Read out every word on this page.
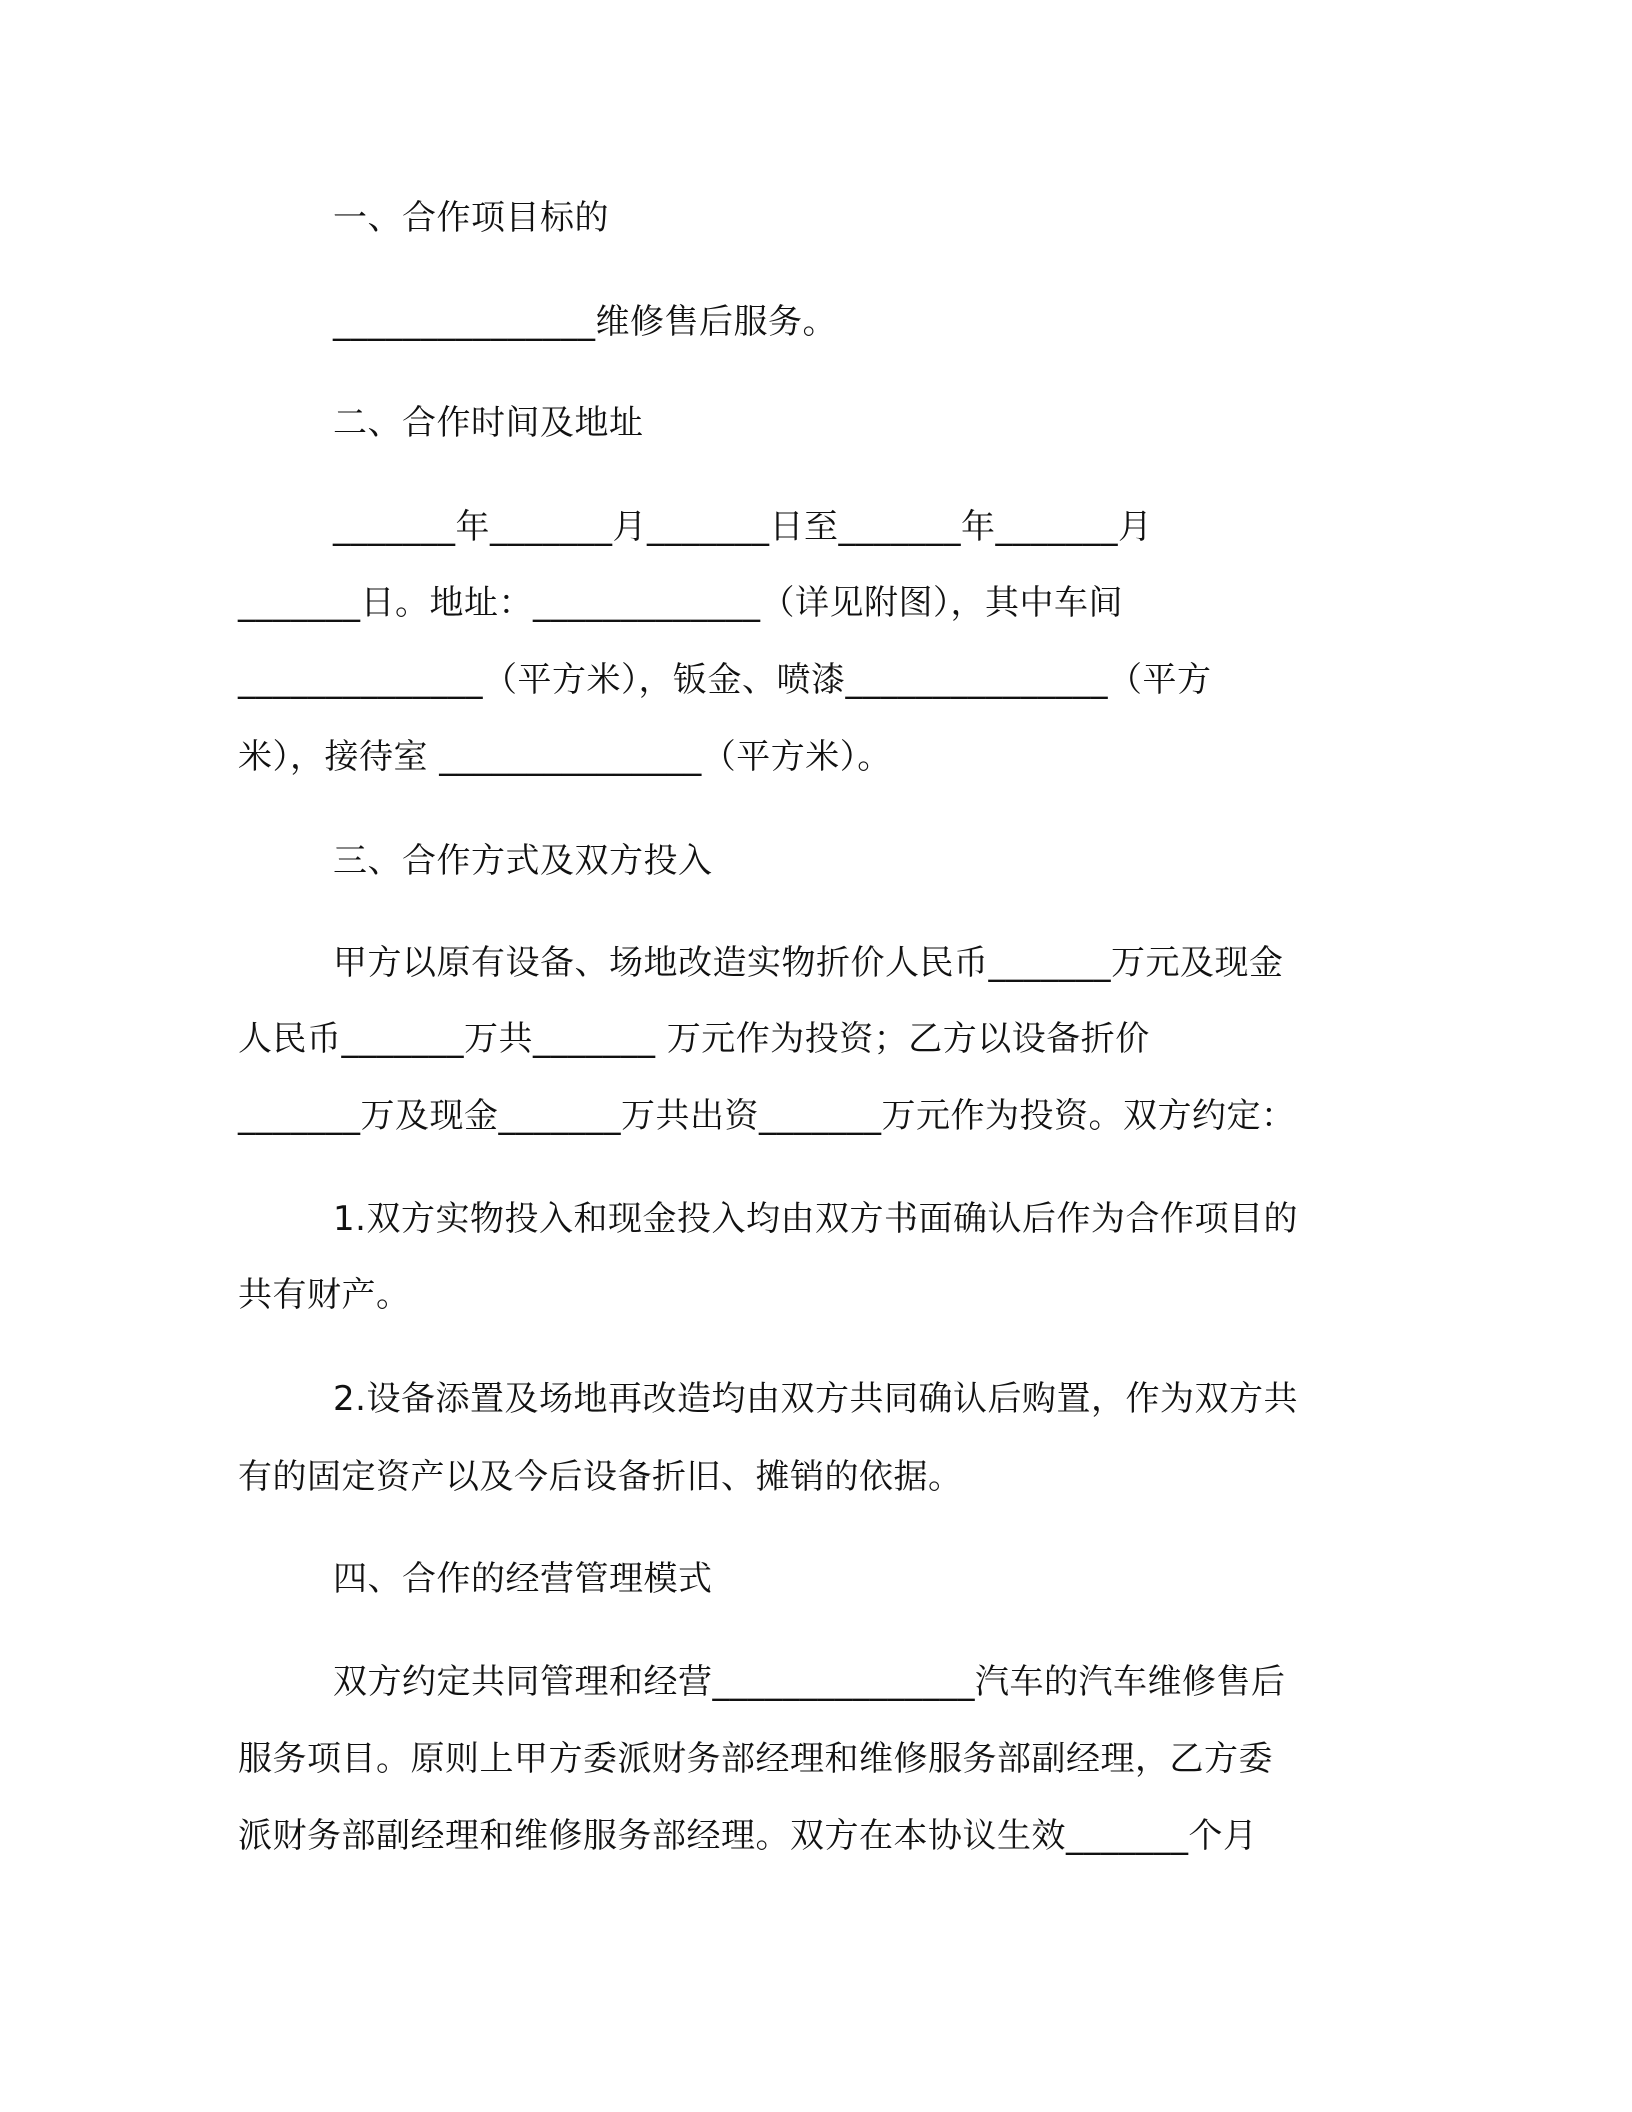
一、合作项目标的
_______________维修售后服务。
二、合作时间及地址
_______年_______月_______日至_______年_______月
_______日。地址：_____________（详见附图），其中车间
______________（平方米），钣金、喷漆_______________（平方
米），接待室 _______________（平方米）。
三、合作方式及双方投入
甲方以原有设备、场地改造实物折价人民币_______万元及现金
人民币_______万共_______ 万元作为投资；乙方以设备折价
_______万及现金_______万共出资_______万元作为投资。双方约定：
1.双方实物投入和现金投入均由双方书面确认后作为合作项目的
共有财产。
2.设备添置及场地再改造均由双方共同确认后购置，作为双方共
有的固定资产以及今后设备折旧、摊销的依据。
四、合作的经营管理模式
双方约定共同管理和经营_______________汽车的汽车维修售后
服务项目。原则上甲方委派财务部经理和维修服务部副经理，乙方委
派财务部副经理和维修服务部经理。双方在本协议生效_______个月
